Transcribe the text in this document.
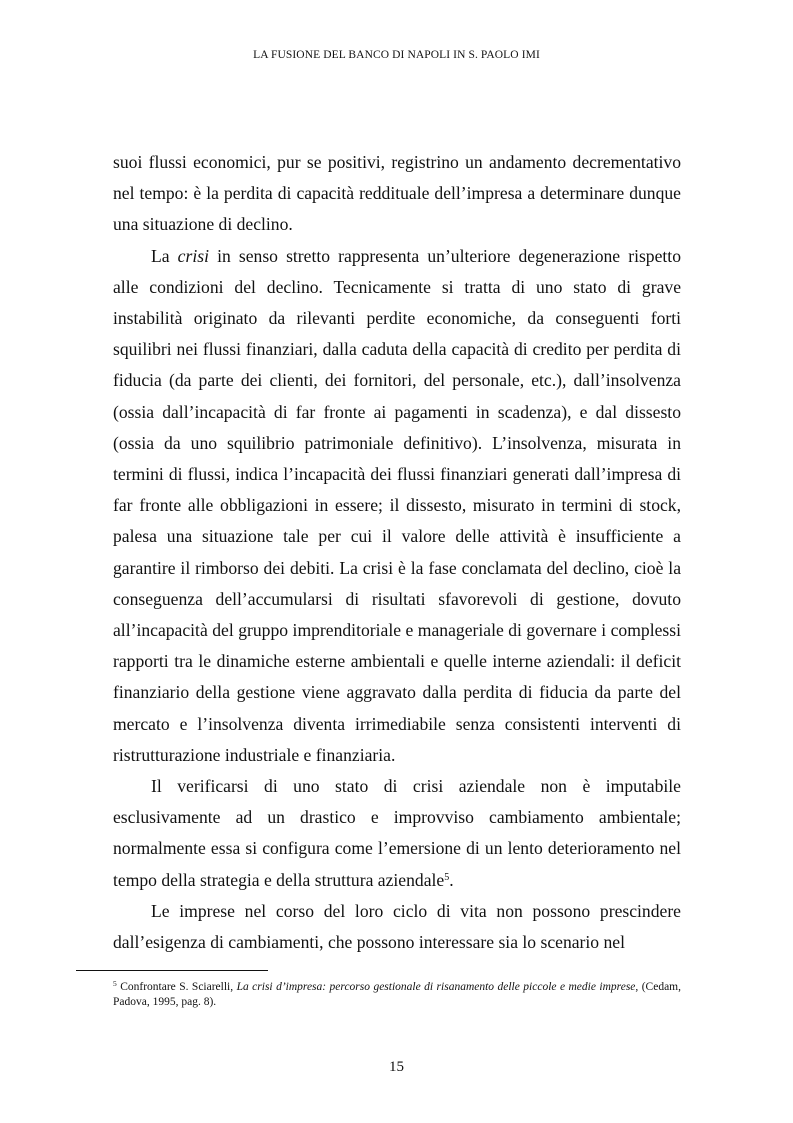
LA FUSIONE DEL BANCO DI NAPOLI IN S. PAOLO IMI

suoi flussi economici, pur se positivi, registrino un andamento decrementativo nel tempo: è la perdita di capacità reddituale dell’impresa a determinare dunque una situazione di declino.

La crisi in senso stretto rappresenta un’ulteriore degenerazione rispetto alle condizioni del declino. Tecnicamente si tratta di uno stato di grave instabilità originato da rilevanti perdite economiche, da conseguenti forti squilibri nei flussi finanziari, dalla caduta della capacità di credito per perdita di fiducia (da parte dei clienti, dei fornitori, del personale, etc.), dall’insolvenza (ossia dall’incapacità di far fronte ai pagamenti in scadenza), e dal dissesto (ossia da uno squilibrio patrimoniale definitivo). L’insolvenza, misurata in termini di flussi, indica l’incapacità dei flussi finanziari generati dall’impresa di far fronte alle obbligazioni in essere; il dissesto, misurato in termini di stock, palesa una situazione tale per cui il valore delle attività è insufficiente a garantire il rimborso dei debiti. La crisi è la fase conclamata del declino, cioè la conseguenza dell’accumularsi di risultati sfavorevoli di gestione, dovuto all’incapacità del gruppo imprenditoriale e manageriale di governare i complessi rapporti tra le dinamiche esterne ambientali e quelle interne aziendali: il deficit finanziario della gestione viene aggravato dalla perdita di fiducia da parte del mercato e l’insolvenza diventa irrimediabile senza consistenti interventi di ristrutturazione industriale e finanziaria.

Il verificarsi di uno stato di crisi aziendale non è imputabile esclusivamente ad un drastico e improvviso cambiamento ambientale; normalmente essa si configura come l’emersione di un lento deterioramento nel tempo della strategia e della struttura aziendale$^5$.

Le imprese nel corso del loro ciclo di vita non possono prescindere dall’esigenza di cambiamenti, che possono interessare sia lo scenario nel

$^5$ Confrontare S. Sciarelli, La crisi d’impresa: percorso gestionale di risanamento delle piccole e medie imprese, (Cedam, Padova, 1995, pag. 8).
15
